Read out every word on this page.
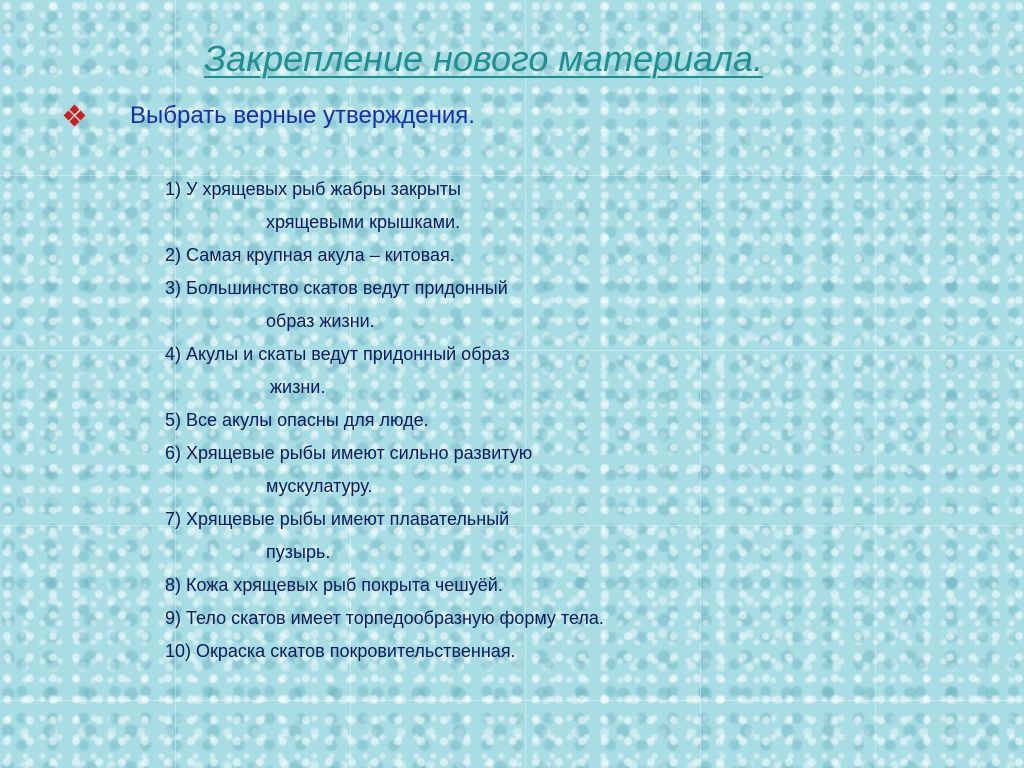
Закрепление нового материала.
Выбрать верные утверждения.
1) У хрящевых рыб жабры закрыты
хрящевыми крышками.
2) Самая крупная акула – китовая.
3) Большинство скатов ведут придонный
образ жизни.
4) Акулы и скаты ведут придонный образ
жизни.
5) Все акулы опасны для люде.
6) Хрящевые рыбы имеют сильно развитую
мускулатуру.
7) Хрящевые рыбы имеют плавательный
пузырь.
8) Кожа хрящевых рыб покрыта чешуёй.
9) Тело скатов имеет торпедообразную форму тела.
10) Окраска скатов покровительственная.
